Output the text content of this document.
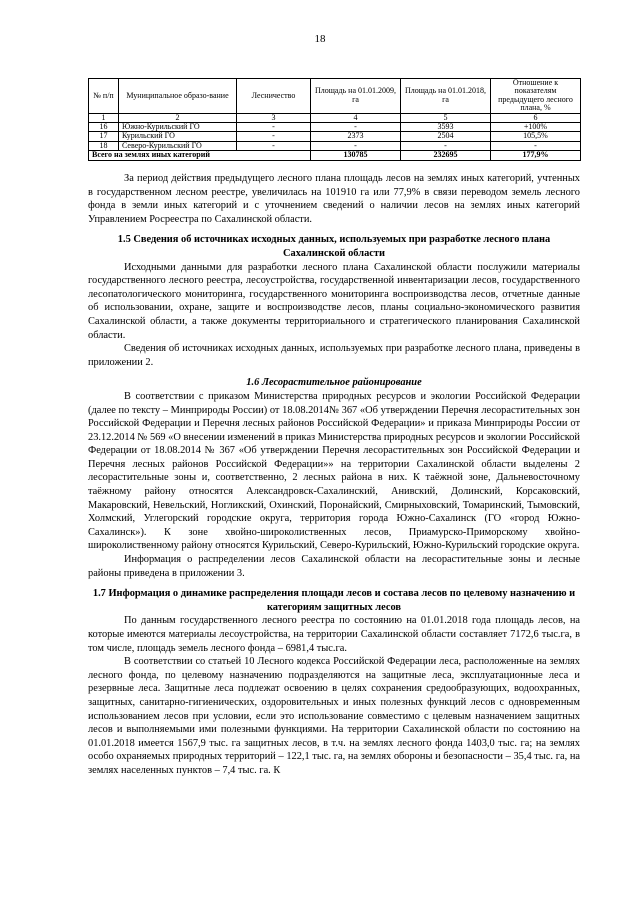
18
№ п/п	Муниципальное образо-вание	Лесничество	Площадь на 01.01.2009, га	Площадь на 01.01.2018, га	Отношение к показателям предыдущего лесного плана, %
1	2	3	4	5	6
16	Южно-Курильский ГО	-	-	3593	+100%
17	Курильский ГО	-	2373	2504	105,5%
18	Северо-Курильский ГО	-	-	-	-
Всего на землях иных категорий			130785	232695	177,9%

За период действия предыдущего лесного плана площадь лесов на землях иных категорий, учтенных в государственном лесном реестре, увеличилась на 101910 га или 77,9% в связи переводом земель лесного фонда в земли иных категорий и с уточнением сведений о наличии лесов на землях иных категорий Управлением Росреестра по Сахалинской области.

1.5 Сведения об источниках исходных данных, используемых при разработке лесного плана Сахалинской области

Исходными данными для разработки лесного плана Сахалинской области послужили материалы государственного лесного реестра, лесоустройства, государственной инвентаризации лесов, государственного лесопатологического мониторинга, государственного мониторинга воспроизводства лесов, отчетные данные об использовании, охране, защите и воспроизводстве лесов, планы социально-экономического развития Сахалинской области, а также документы территориального и стратегического планирования Сахалинской области.

Сведения об источниках исходных данных, используемых при разработке лесного плана, приведены в приложении 2.

1.6 Лесорастительное районирование

В соответствии с приказом Министерства природных ресурсов и экологии Российской Федерации (далее по тексту – Минприроды России) от 18.08.2014№ 367 «Об утверждении Перечня лесорастительных зон Российской Федерации и Перечня лесных районов Российской Федерации» и приказа Минприроды России от 23.12.2014 № 569 «О внесении изменений в приказ Министерства природных ресурсов и экологии Российской Федерации от 18.08.2014 № 367 «Об утверждении Перечня лесорастительных зон Российской Федерации и Перечня лесных районов Российской Федерации»» на территории Сахалинской области выделены 2 лесорастительные зоны и, соответственно, 2 лесных района в них. К таёжной зоне, Дальневосточному таёжному району относятся Александровск-Сахалинский, Анивский, Долинский, Корсаковский, Макаровский, Невельский, Ногликский, Охинский, Поронайский, Смирныховский, Томаринский, Тымовский, Холмский, Углегорский городские округа, территория города Южно-Сахалинск (ГО «город Южно-Сахалинск»). К зоне хвойно-широколиственных лесов, Приамурско-Приморскому хвойно-широколиственному району относятся Курильский, Северо-Курильский, Южно-Курильский городские округа.

Информация о распределении лесов Сахалинской области на лесорастительные зоны и лесные районы приведена в приложении 3.

1.7 Информация о динамике распределения площади лесов и состава лесов по целевому назначению и категориям защитных лесов

По данным государственного лесного реестра по состоянию на 01.01.2018 года площадь лесов, на которые имеются материалы лесоустройства, на территории Сахалинской области составляет 7172,6 тыс.га, в том числе, площадь земель лесного фонда – 6981,4 тыс.га.

В соответствии со статьей 10 Лесного кодекса Российской Федерации леса, расположенные на землях лесного фонда, по целевому назначению подразделяются на защитные леса, эксплуатационные леса и резервные леса. Защитные леса подлежат освоению в целях сохранения средообразующих, водоохранных, защитных, санитарно-гигиенических, оздоровительных и иных полезных функций лесов с одновременным использованием лесов при условии, если это использование совместимо с целевым назначением защитных лесов и выполняемыми ими полезными функциями. На территории Сахалинской области по состоянию на 01.01.2018 имеется 1567,9 тыс. га защитных лесов, в т.ч. на землях лесного фонда 1403,0 тыс. га; на землях особо охраняемых природных территорий – 122,1 тыс. га, на землях обороны и безопасности – 35,4 тыс. га, на землях населенных пунктов – 7,4 тыс. га. К
